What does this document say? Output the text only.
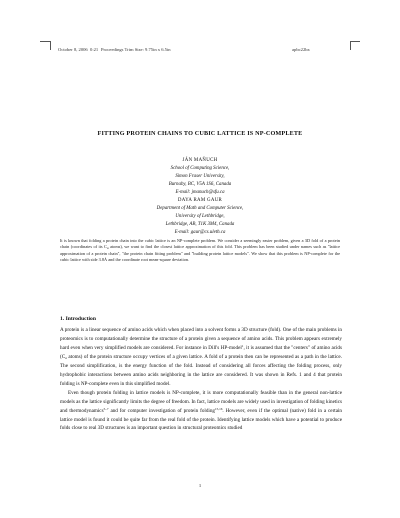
October 8, 2006 0:21 Proceedings Trim Size: 9.75in x 6.5in	apbc22bx
FITTING PROTEIN CHAINS TO CUBIC LATTICE IS NP-COMPLETE
JÁN MAŇUCH
School of Computing Science,
Simon Fraser University,
Burnaby, BC, V5A 1S6, Canada
E-mail: jmanuch@sfu.ca
DAYA RAM GAUR
Department of Math and Computer Science,
University of Lethbridge,
Lethbridge, AB, T1K 3M4, Canada
E-mail: gaur@cs.uleth.ca
It is known that folding a protein chain into the cubic lattice is an NP-complete problem. We consider a seemingly easier problem, given a 3D fold of a protein chain (coordinates of its $C_\alpha$ atoms), we want to find the closest lattice approximation of this fold. This problem has been studied under names such as "lattice approximation of a protein chain", "the protein chain fitting problem" and "building protein lattice models". We show that this problem is NP-complete for the cubic lattice with side 3.8Å and the coordinate root mean-square deviation.
1. Introduction

A protein is a linear sequence of amino acids which when placed into a solvent forms a 3D structure (fold). One of the main problems in proteomics is to computationally determine the structure of a protein given a sequence of amino acids. This problem appears extremely hard even when very simplified models are considered. For instance in Dill's HP-model$^1$, it is assumed that the "centers" of amino acids ($C_\alpha$ atoms) of the protein structure occupy vertices of a given lattice. A fold of a protein then can be represented as a path in the lattice. The second simplification, is the energy function of the fold. Instead of considering all forces affecting the folding process, only hydrophobic interactions between amino acids neighboring in the lattice are considered. It was shown in Refs. 1 and 4 that protein folding is NP-complete even in this simplified model.

Even though protein folding in lattice models is NP-complete, it is more computationally feasible than in the general non-lattice models as the lattice significantly limits the degree of freedom. In fact, lattice models are widely used in investigation of folding kinetics and thermodynamics$^{5-7}$ and for computer investigation of protein folding$^{15,16}$. However, even if the optimal (native) fold in a certain lattice model is found it could be quite far from the real fold of the protein. Identifying lattice models which have a potential to produce folds close to real 3D structures is an important question in structural proteomics studied

1
